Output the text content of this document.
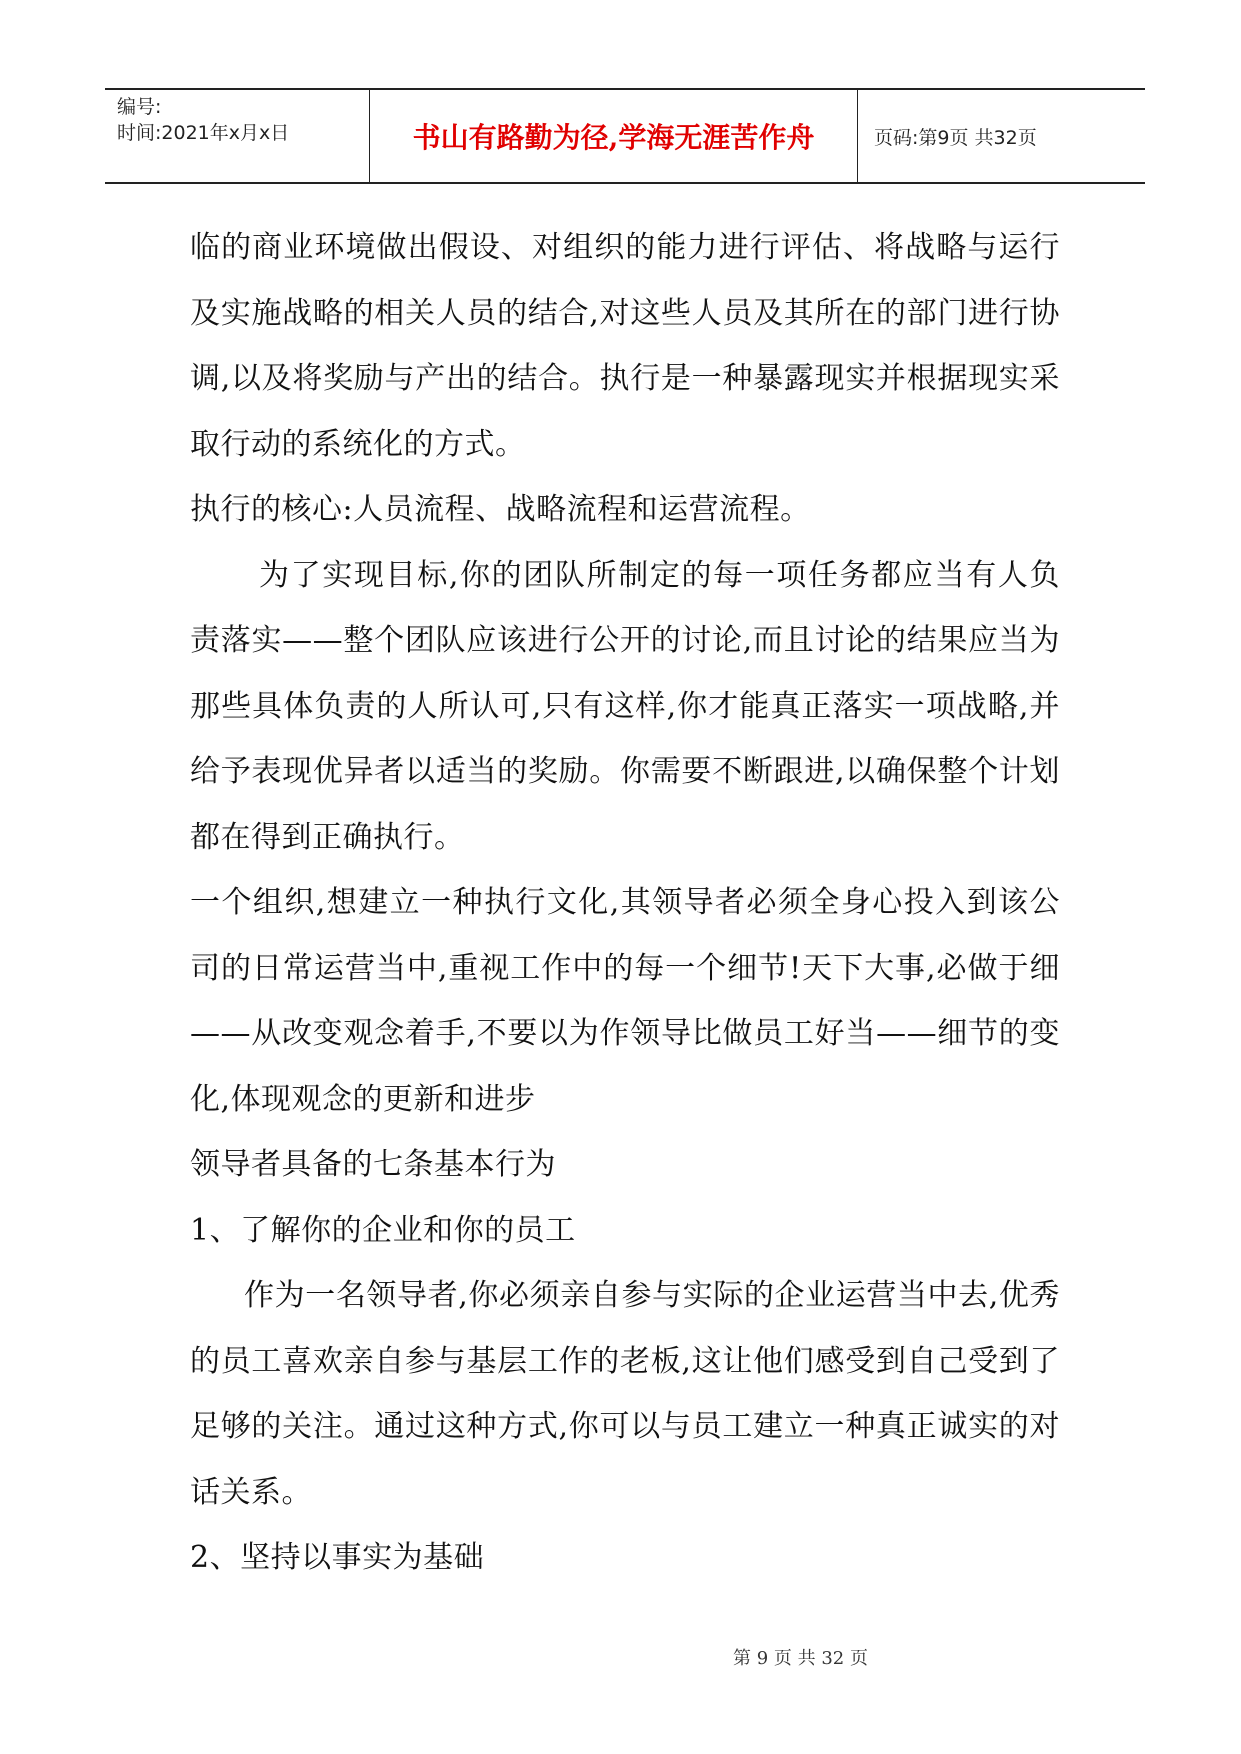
编号:
时间:2021年x月x日	书山有路勤为径,学海无涯苦作舟	页码:第9页 共32页

临的商业环境做出假设、对组织的能力进行评估、将战略与运行及实施战略的相关人员的结合,对这些人员及其所在的部门进行协调,以及将奖励与产出的结合。执行是一种暴露现实并根据现实采取行动的系统化的方式。

执行的核心:人员流程、战略流程和运营流程。

为了实现目标,你的团队所制定的每一项任务都应当有人负责落实——整个团队应该进行公开的讨论,而且讨论的结果应当为那些具体负责的人所认可,只有这样,你才能真正落实一项战略,并给予表现优异者以适当的奖励。你需要不断跟进,以确保整个计划都在得到正确执行。

一个组织,想建立一种执行文化,其领导者必须全身心投入到该公司的日常运营当中,重视工作中的每一个细节!天下大事,必做于细——从改变观念着手,不要以为作领导比做员工好当——细节的变化,体现观念的更新和进步

领导者具备的七条基本行为

1、了解你的企业和你的员工

作为一名领导者,你必须亲自参与实际的企业运营当中去,优秀的员工喜欢亲自参与基层工作的老板,这让他们感受到自己受到了足够的关注。通过这种方式,你可以与员工建立一种真正诚实的对话关系。

2、坚持以事实为基础

第 9 页 共 32 页
